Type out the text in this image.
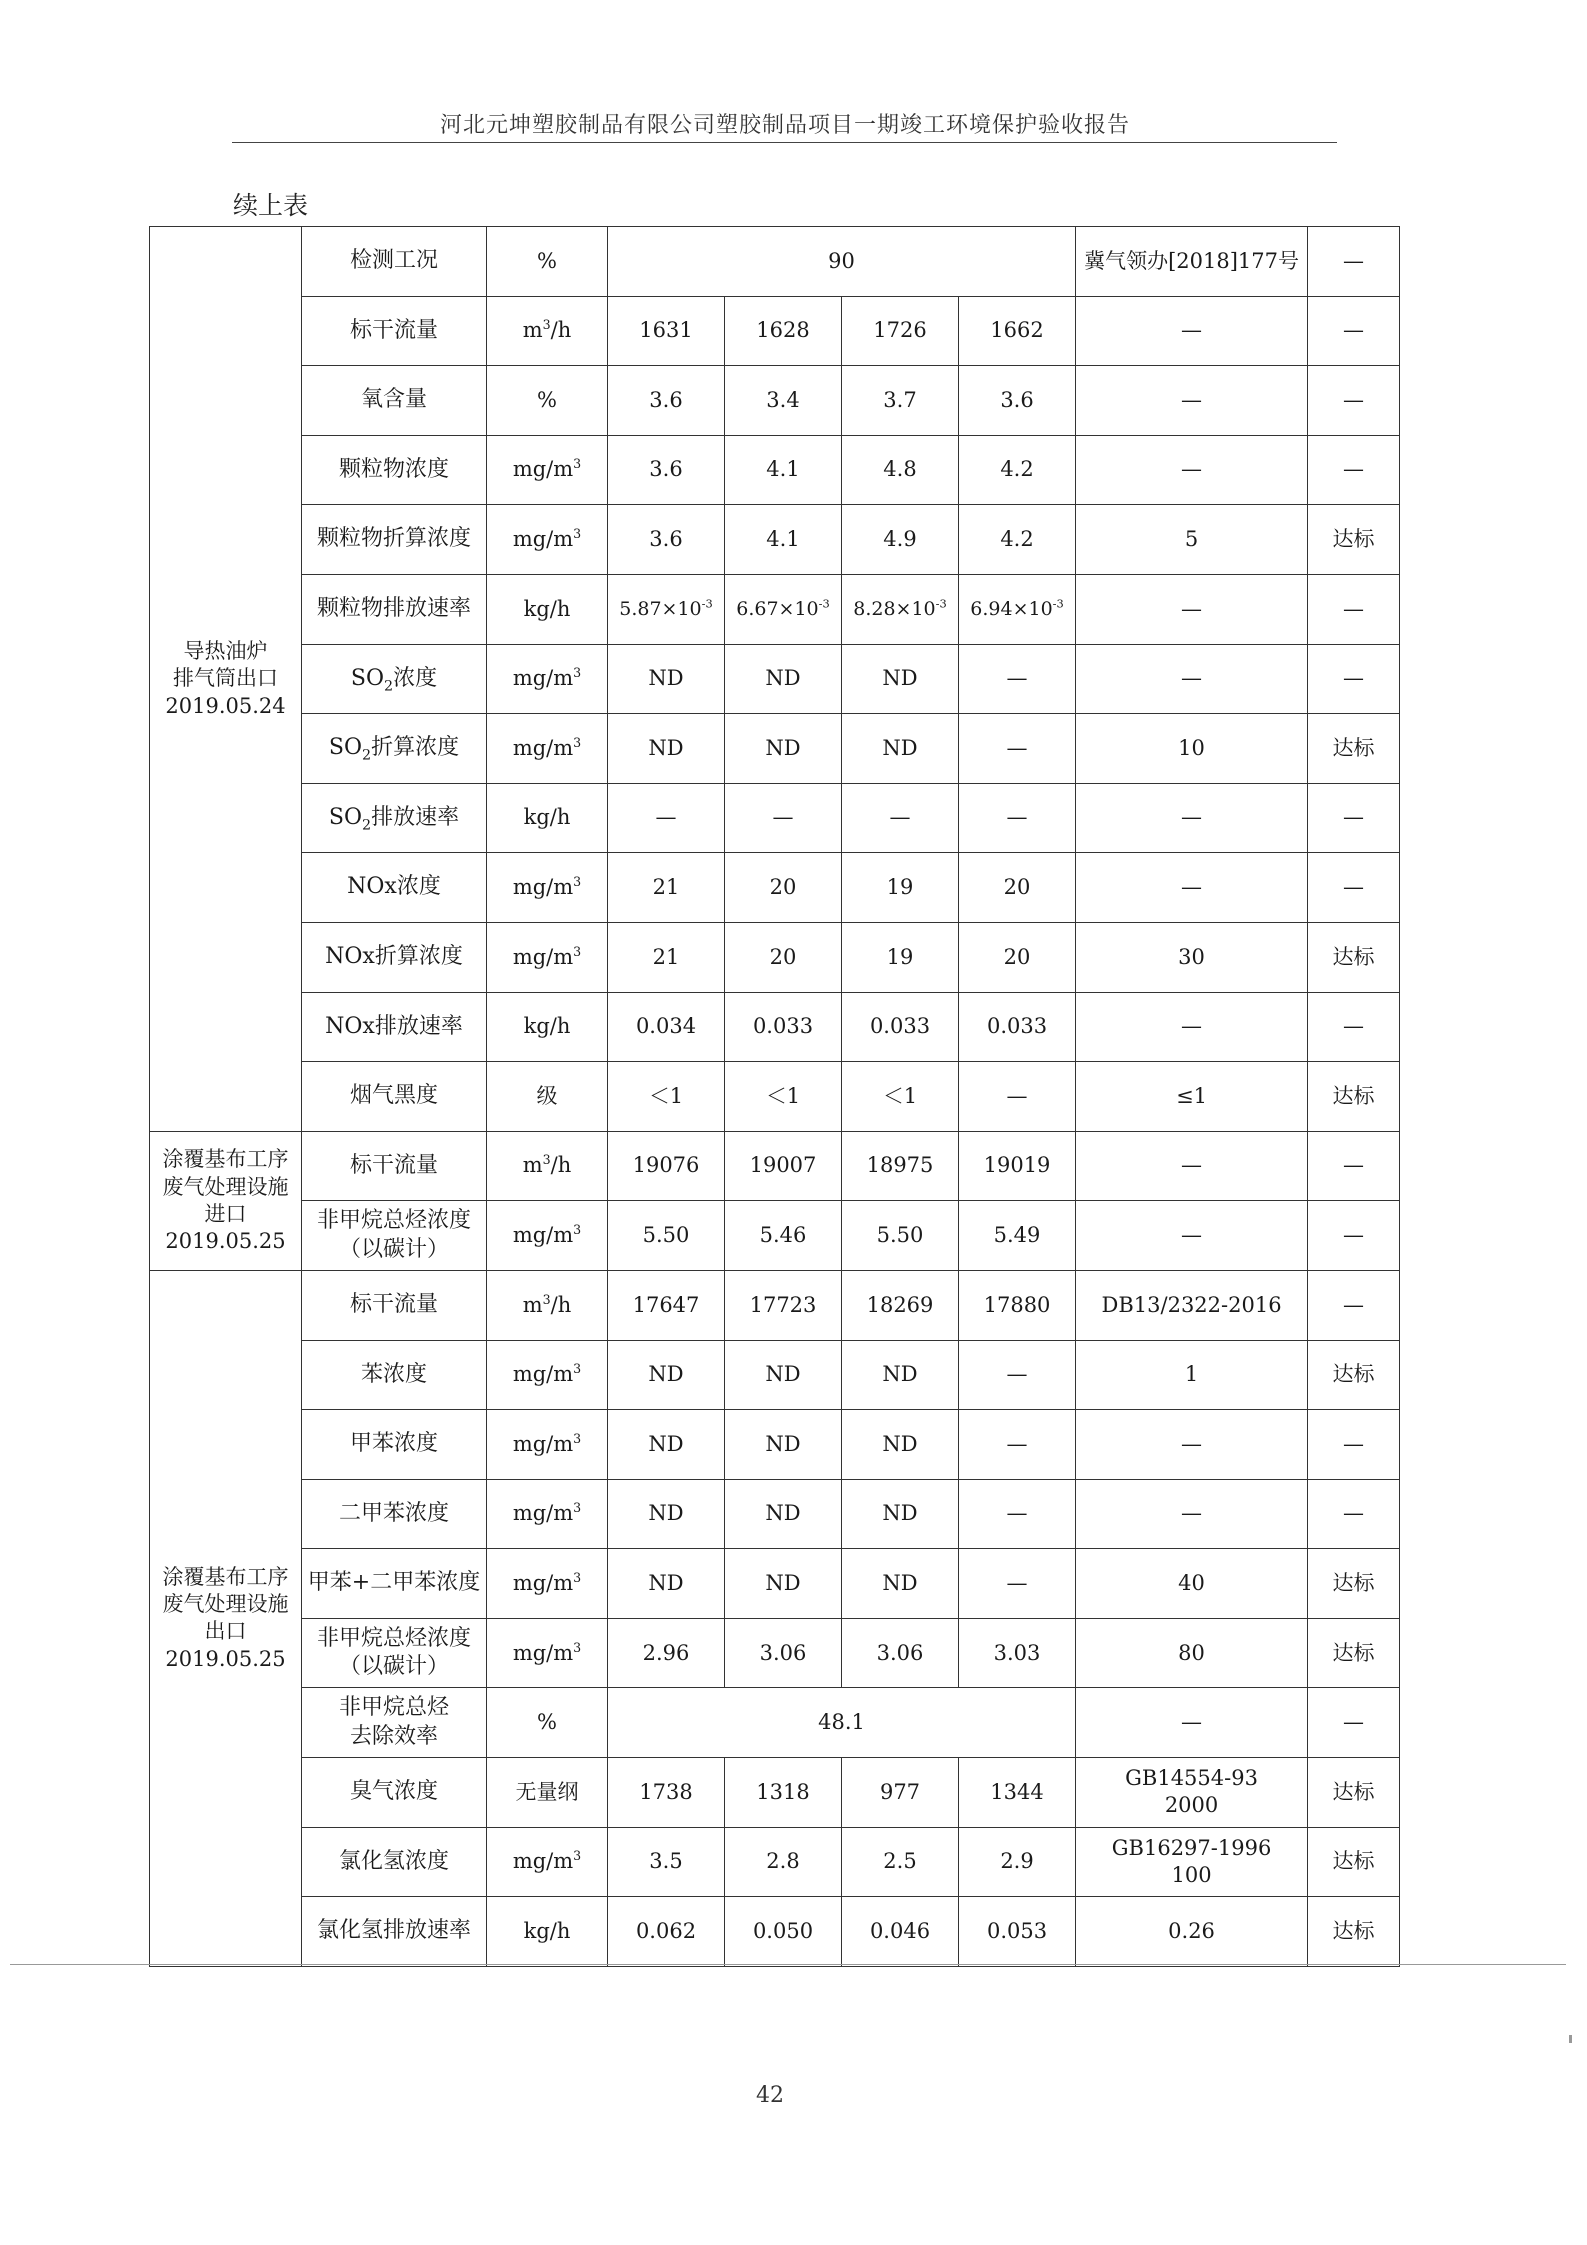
河北元坤塑胶制品有限公司塑胶制品项目一期竣工环境保护验收报告
续上表
导热油炉
排气筒出口
2019.05.24	检测工况	%	90				冀气领办[2018]177号	—
	标干流量	$m^3/h$	1631	1628	1726	1662	—	—
	氧含量	%	3.6	3.4	3.7	3.6	—	—
	颗粒物浓度	$mg/m^3$	3.6	4.1	4.8	4.2	—	—
	颗粒物折算浓度	$mg/m^3$	3.6	4.1	4.9	4.2	5	达标
	颗粒物排放速率	kg/h	$5.87\times 10^{-3}$	$6.67\times 10^{-3}$	$8.28\times 10^{-3}$	$6.94\times 10^{-3}$	—	—
	$SO_2$浓度	$mg/m^3$	ND	ND	ND	—	—	—
	$SO_2$折算浓度	$mg/m^3$	ND	ND	ND	—	10	达标
	$SO_2$排放速率	kg/h	—	—	—	—	—	—
	NOx浓度	$mg/m^3$	21	20	19	20	—	—
	NOx折算浓度	$mg/m^3$	21	20	19	20	30	达标
	NOx排放速率	kg/h	0.034	0.033	0.033	0.033	—	—
	烟气黑度	级	＜1	＜1	＜1	—	≤1	达标
涂覆基布工序
废气处理设施
进口
2019.05.25	标干流量	$m^3/h$	19076	19007	18975	19019	—	—
	非甲烷总烃浓度
（以碳计）	$mg/m^3$	5.50	5.46	5.50	5.49	—	—
涂覆基布工序
废气处理设施
出口
2019.05.25	标干流量	$m^3/h$	17647	17723	18269	17880	DB13/2322-2016	—
	苯浓度	$mg/m^3$	ND	ND	ND	—	1	达标
	甲苯浓度	$mg/m^3$	ND	ND	ND	—	—	—
	二甲苯浓度	$mg/m^3$	ND	ND	ND	—	—	—
	甲苯+二甲苯浓度	$mg/m^3$	ND	ND	ND	—	40	达标
	非甲烷总烃浓度
（以碳计）	$mg/m^3$	2.96	3.06	3.06	3.03	80	达标
	非甲烷总烃
去除效率	%	48.1				—	—
	臭气浓度	无量纲	1738	1318	977	1344	GB14554-93
2000	达标
	氯化氢浓度	$mg/m^3$	3.5	2.8	2.5	2.9	GB16297-1996
100	达标
	氯化氢排放速率	kg/h	0.062	0.050	0.046	0.053	0.26	达标
42
